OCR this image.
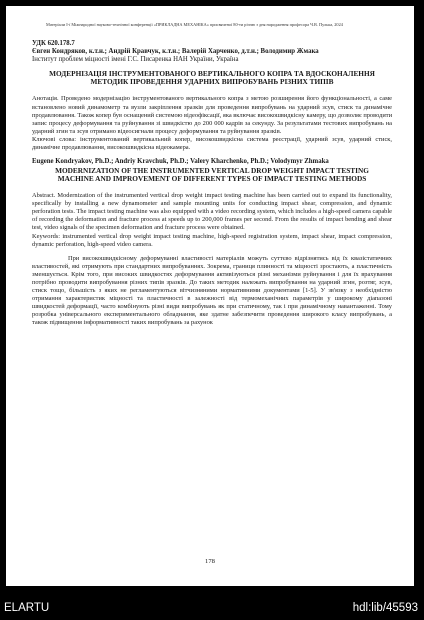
Матеріали I-ї Міжнародної науково-технічної конференції «ПРИКЛАДНА МЕХАНІКА» присвяченої 80-ти річчю з дня народження професора Ч.В. Пулька, 2024
УДК 620.178.7
Євген Кондряков, к.т.н.; Андрій Кравчук, к.т.н.; Валерій Харченко, д.т.н.; Володимир Жмака
Інститут проблем міцності імені Г.С. Писаренка НАН України, Україна
МОДЕРНІЗАЦІЯ ІНСТРУМЕНТОВАНОГО ВЕРТИКАЛЬНОГО КОПРА ТА ВДОСКОНАЛЕННЯ МЕТОДИК ПРОВЕДЕННЯ УДАРНИХ ВИПРОБУВАНЬ РІЗНИХ ТИПІВ

Анотація. Проведено модернізацію інструментованого вертикального копра з метою розширення його функціональності, а саме встановлено новий динамометр та вузли закріплення зразків для проведення випробувань на ударний зсув, стиск та динамічне продавлювання. Також копер був оснащений системою відеофіксації, яка включає високошвидкісну камеру, що дозволяє проводити запис процесу деформування та руйнування зі швидкістю до 200 000 кадрів за секунду. За результатами тестових випробувань на ударний згин та зсув отримано відеосигнали процесу деформування та руйнування зразків.

Ключові слова: інструментований вертикальний копер, високошвидкісна система реєстрації, ударний зсув, ударний стиск, динамічне продавлювання, високошвидкісна відеокамера.

Eugene Kondryakov, Ph.D.; Andriy Kravchuk, Ph.D.; Valery Kharchenko, Ph.D.; Volodymyr Zhmaka
MODERNIZATION OF THE INSTRUMENTED VERTICAL DROP WEIGHT IMPACT TESTING MACHINE AND IMPROVEMENT OF DIFFERENT TYPES OF IMPACT TESTING METHODS

Abstract. Modernization of the instrumented vertical drop weight impact testing machine has been carried out to expand its functionality, specifically by installing a new dynamometer and sample mounting units for conducting impact shear, compression, and dynamic perforation tests. The impact testing machine was also equipped with a video recording system, which includes a high-speed camera capable of recording the deformation and fracture process at speeds up to 200,000 frames per second. From the results of impact bending and shear test, video signals of the specimen deformation and fracture process were obtained.

Keywords: instrumented vertical drop weight impact testing machine, high-speed registration system, impact shear, impact compression, dynamic perforation, high-speed video camera.

При високошвидкісному деформуванні властивості матеріалів можуть суттєво відрізнятись від їх квазістатичних властивостей, які отримують при стандартних випробуваннях. Зокрема, границя плинності та міцності зростають, а пластичність зменшується. Крім того, при високих швидкостях деформування активізуються різні механізми руйнування і для їх врахування потрібно проводити випробування різних типів зразків. До таких методик належать випробування на ударний згин, розтяг, зсув, стиск тощо, більшість з яких не регламентуються вітчизняними нормативними документами [1-5]. У зв'язку з необхідністю отримання характеристик міцності та пластичності в залежності від термомеханічних параметрів у широкому діапазоні швидкостей деформації, часто комбінують різні види випробувань як при статичному, так і при динамічному навантаженні. Тому розробка універсального експериментального обладнання, яке здатне забезпечити проведення широкого класу випробувань, а також підвищення інформативності таких випробувань за рахунок

178
ELARTU	hdl:lib/45593
